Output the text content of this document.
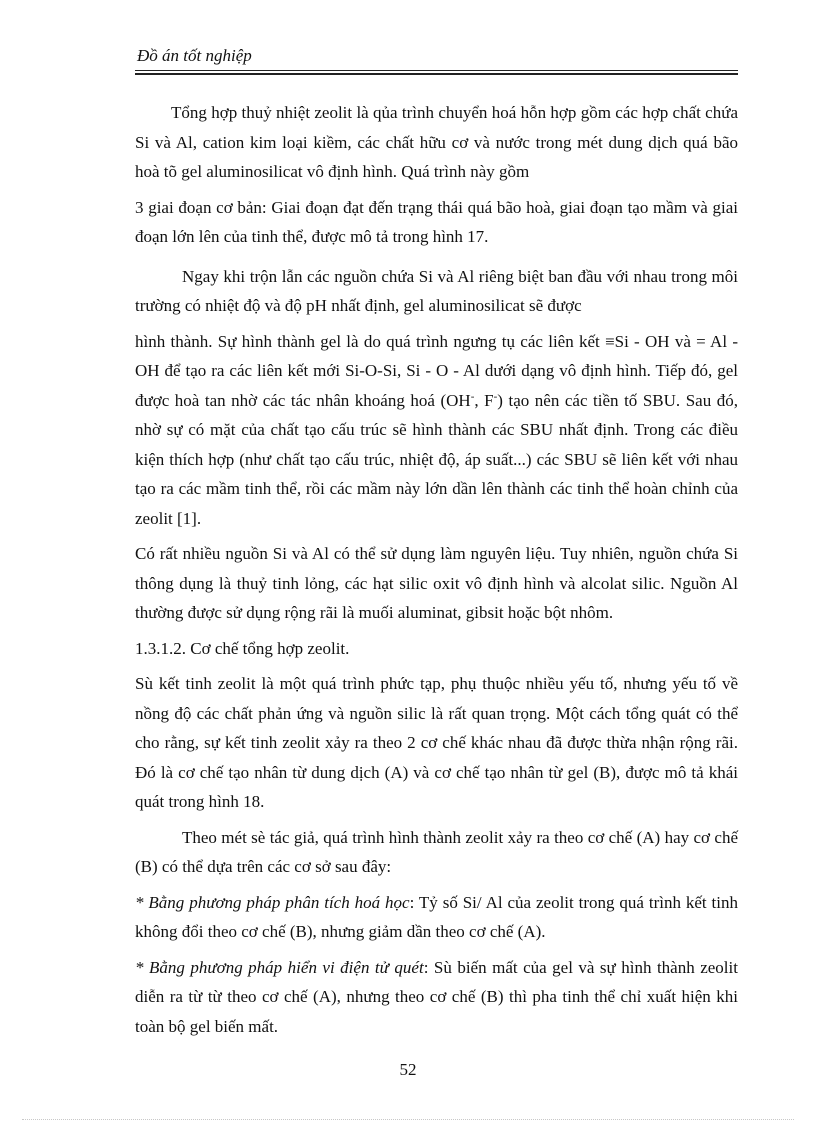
Đồ án tốt nghiệp

Tổng hợp thuỷ nhiệt zeolit là qủa trình chuyển hoá hỗn hợp gồm các hợp chất chứa Si và Al, cation kim loại kiềm, các chất hữu cơ và nước trong mét dung dịch quá bão hoà tõ gel aluminosilicat vô định hình. Quá trình này gồm

3 giai đoạn cơ bản: Giai đoạn đạt đến trạng thái quá bão hoà, giai đoạn tạo mầm và giai đoạn lớn lên của tinh thể, được mô tả trong hình 17.

Ngay khi trộn lẫn các nguồn chứa Si và Al riêng biệt ban đầu với nhau trong môi trường có nhiệt độ và độ pH nhất định, gel aluminosilicat sẽ được

hình thành. Sự hình thành gel là do quá trình ngưng tụ các liên kết ≡Si - OH và = Al - OH để tạo ra các liên kết mới Si-O-Si, Si - O - Al dưới dạng vô định hình. Tiếp đó, gel được hoà tan nhờ các tác nhân khoáng hoá (OH-, F-) tạo nên các tiền tố SBU. Sau đó, nhờ sự có mặt của chất tạo cấu trúc sẽ hình thành các SBU nhất định. Trong các điều kiện thích hợp (như chất tạo cấu trúc, nhiệt độ, áp suất...) các SBU sẽ liên kết với nhau tạo ra các mầm tinh thể, rồi các mầm này lớn dần lên thành các tinh thể hoàn chỉnh của zeolit [1].

Có rất nhiều nguồn Si và Al có thể sử dụng làm nguyên liệu. Tuy nhiên, nguồn chứa Si thông dụng là thuỷ tinh lỏng, các hạt silic oxit vô định hình và alcolat silic. Nguồn Al thường được sử dụng rộng rãi là muối aluminat, gibsit hoặc bột nhôm.

1.3.1.2. Cơ chế tổng hợp zeolit.

Sù kết tinh zeolit là một quá trình phức tạp, phụ thuộc nhiều yếu tố, nhưng yếu tố về nồng độ các chất phản ứng và nguồn silic là rất quan trọng. Một cách tổng quát có thể cho rằng, sự kết tinh zeolit xảy ra theo 2 cơ chế khác nhau đã được thừa nhận rộng rãi. Đó là cơ chế tạo nhân từ dung dịch (A) và cơ chế tạo nhân từ gel (B), được mô tả khái quát trong hình 18.

Theo mét sè tác giả, quá trình hình thành zeolit xảy ra theo cơ chế (A) hay cơ chế (B) có thể dựa trên các cơ sở sau đây:

* Bằng phương pháp phân tích hoá học: Tỷ số Si/ Al của zeolit trong quá trình kết tinh không đổi theo cơ chế (B), nhưng giảm dần theo cơ chế (A).

* Bằng phương pháp hiển vi điện tử quét: Sù biến mất của gel và sự hình thành zeolit diễn ra từ từ theo cơ chế (A), nhưng theo cơ chế (B) thì pha tinh thể chỉ xuất hiện khi toàn bộ gel biến mất.

52
